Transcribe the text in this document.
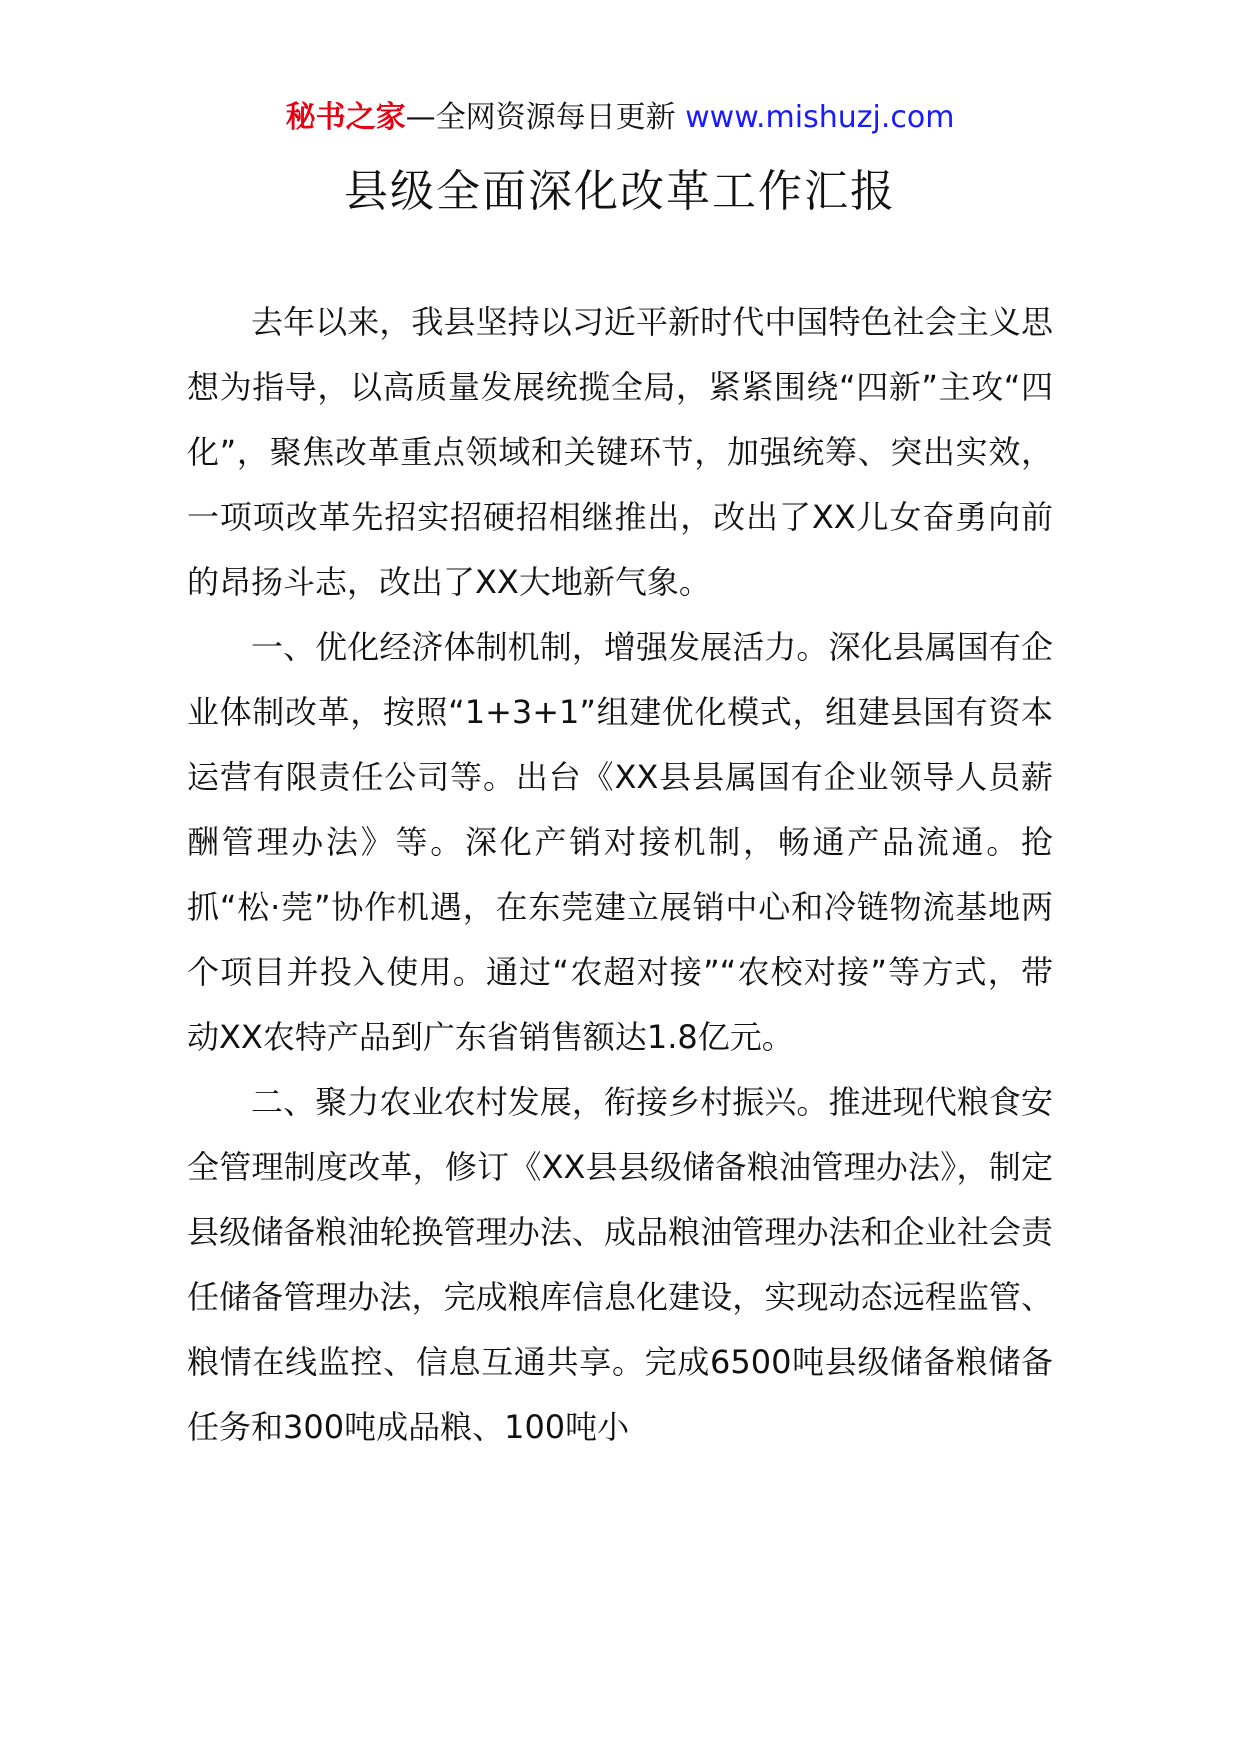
秘书之家—全网资源每日更新 www.mishuzj.com
县级全面深化改革工作汇报

去年以来，我县坚持以习近平新时代中国特色社会主义思想为指导，以高质量发展统揽全局，紧紧围绕“四新”主攻“四化”，聚焦改革重点领域和关键环节，加强统筹、突出实效，一项项改革先招实招硬招相继推出，改出了XX儿女奋勇向前的昂扬斗志，改出了XX大地新气象。

一、优化经济体制机制，增强发展活力。深化县属国有企业体制改革，按照“1+3+1”组建优化模式，组建县国有资本运营有限责任公司等。出台《XX县县属国有企业领导人员薪酬管理办法》等。深化产销对接机制，畅通产品流通。抢抓“松·莞”协作机遇，在东莞建立展销中心和冷链物流基地两个项目并投入使用。通过“农超对接”“农校对接”等方式，带动XX农特产品到广东省销售额达1.8亿元。

二、聚力农业农村发展，衔接乡村振兴。推进现代粮食安全管理制度改革，修订《XX县县级储备粮油管理办法》，制定县级储备粮油轮换管理办法、成品粮油管理办法和企业社会责任储备管理办法，完成粮库信息化建设，实现动态远程监管、粮情在线监控、信息互通共享。完成6500吨县级储备粮储备任务和300吨成品粮、100吨小
